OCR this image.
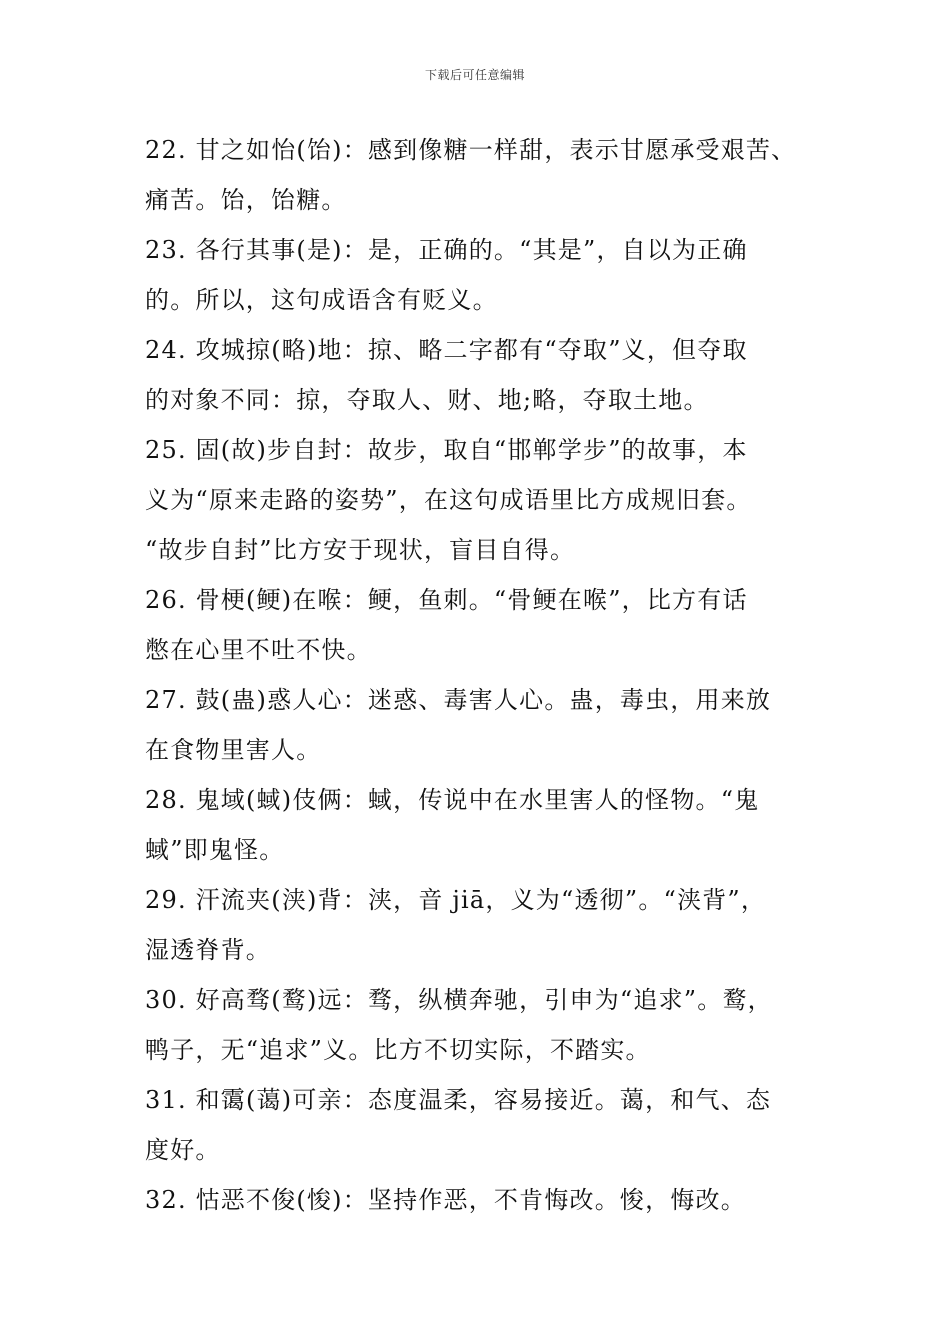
下载后可任意编辑
22. 甘之如怡(饴)：感到像糖一样甜，表示甘愿承受艰苦、
痛苦。饴，饴糖。
23. 各行其事(是)：是，正确的。“其是”，自以为正确
的。所以，这句成语含有贬义。
24. 攻城掠(略)地：掠、略二字都有“夺取”义，但夺取
的对象不同：掠，夺取人、财、地;略，夺取土地。
25. 固(故)步自封：故步，取自“邯郸学步”的故事，本
义为“原来走路的姿势”，在这句成语里比方成规旧套。
“故步自封”比方安于现状，盲目自得。
26. 骨梗(鲠)在喉：鲠，鱼刺。“骨鲠在喉”，比方有话
憋在心里不吐不快。
27. 鼓(蛊)惑人心：迷惑、毒害人心。蛊，毒虫，用来放
在食物里害人。
28. 鬼域(蜮)伎俩：蜮，传说中在水里害人的怪物。“鬼
蜮”即鬼怪。
29. 汗流夹(浃)背：浃，音 jiā，义为“透彻”。“浃背”，
湿透脊背。
30. 好高骛(鹜)远：骛，纵横奔驰，引申为“追求”。鹜，
鸭子，无“追求”义。比方不切实际，不踏实。
31. 和霭(蔼)可亲：态度温柔，容易接近。蔼，和气、态
度好。
32. 怙恶不俊(悛)：坚持作恶，不肯悔改。悛，悔改。
